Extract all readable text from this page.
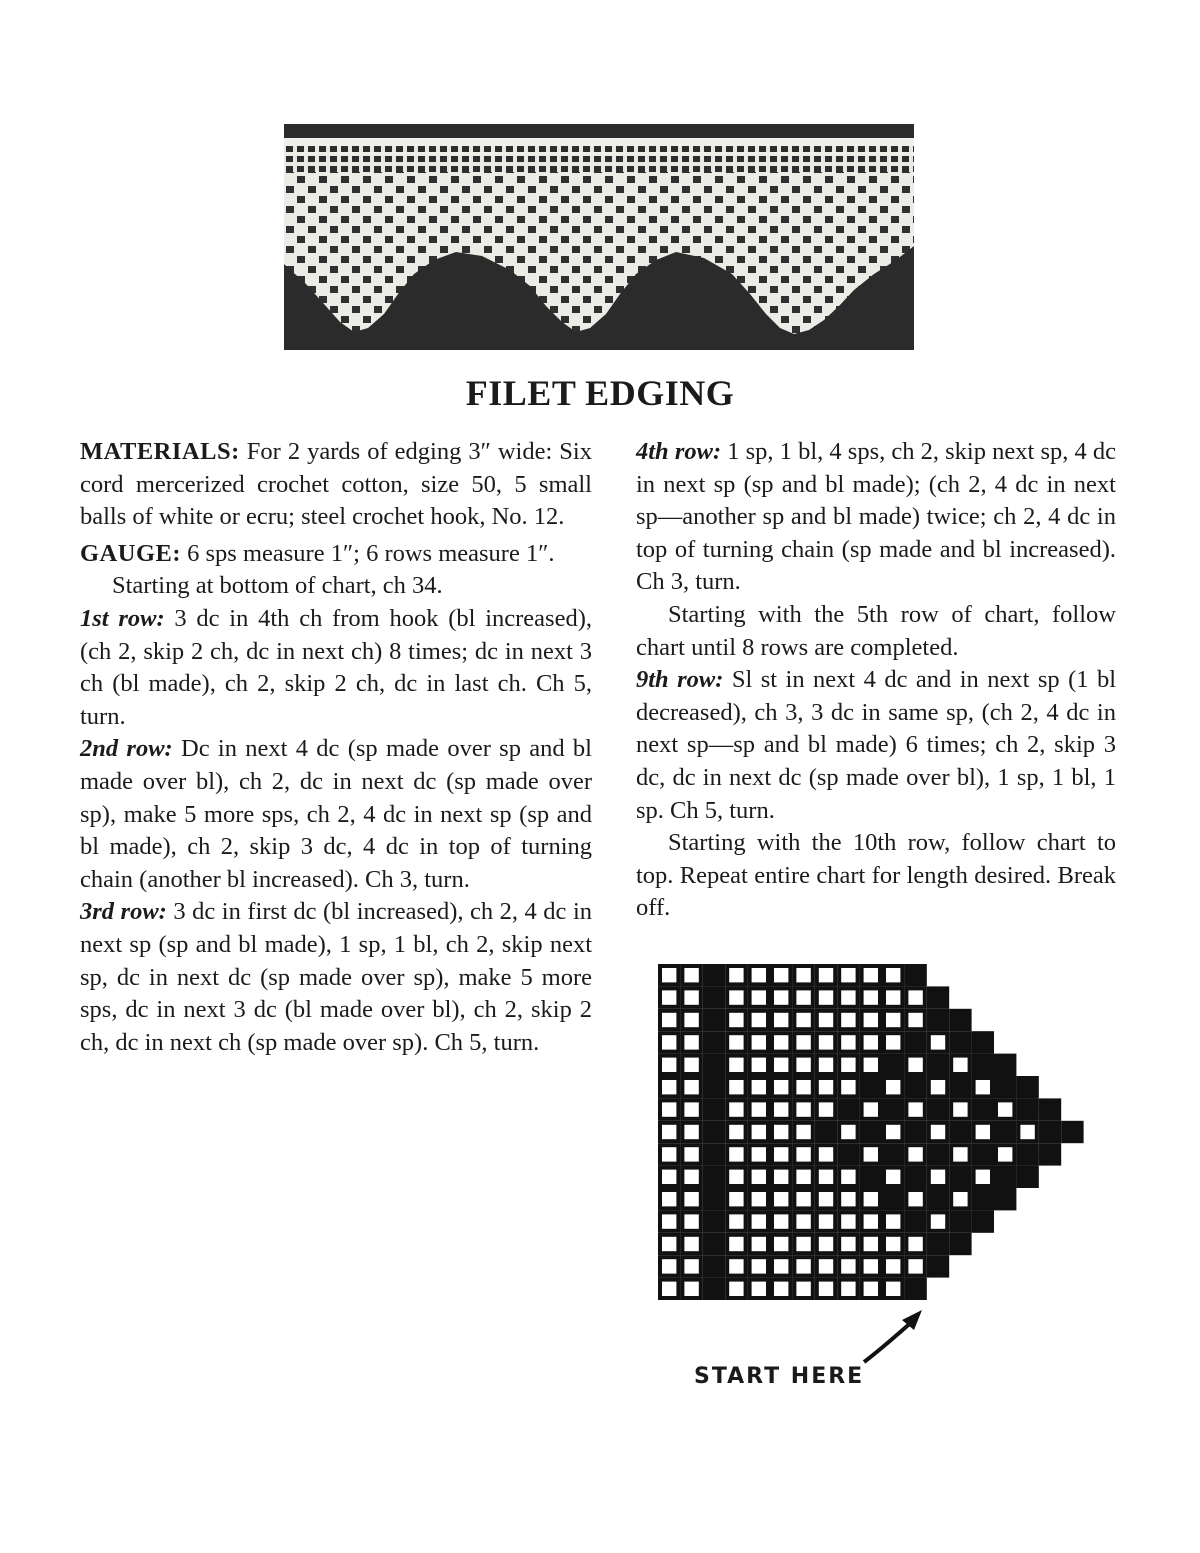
FILET EDGING

MATERIALS: For 2 yards of edging 3″ wide: Six cord mercerized crochet cotton, size 50, 5 small balls of white or ecru; steel crochet hook, No. 12.

GAUGE: 6 sps measure 1″; 6 rows measure 1″.

Starting at bottom of chart, ch 34.

1st row: 3 dc in 4th ch from hook (bl increased), (ch 2, skip 2 ch, dc in next ch) 8 times; dc in next 3 ch (bl made), ch 2, skip 2 ch, dc in last ch. Ch 5, turn.

2nd row: Dc in next 4 dc (sp made over sp and bl made over bl), ch 2, dc in next dc (sp made over sp), make 5 more sps, ch 2, 4 dc in next sp (sp and bl made), ch 2, skip 3 dc, 4 dc in top of turning chain (another bl increased). Ch 3, turn.

3rd row: 3 dc in first dc (bl increased), ch 2, 4 dc in next sp (sp and bl made), 1 sp, 1 bl, ch 2, skip next sp, dc in next dc (sp made over sp), make 5 more sps, dc in next 3 dc (bl made over bl), ch 2, skip 2 ch, dc in next ch (sp made over sp). Ch 5, turn.

4th row: 1 sp, 1 bl, 4 sps, ch 2, skip next sp, 4 dc in next sp (sp and bl made); (ch 2, 4 dc in next sp—another sp and bl made) twice; ch 2, 4 dc in top of turning chain (sp made and bl increased). Ch 3, turn.

Starting with the 5th row of chart, follow chart until 8 rows are completed.

9th row: Sl st in next 4 dc and in next sp (1 bl decreased), ch 3, 3 dc in same sp, (ch 2, 4 dc in next sp—sp and bl made) 6 times; ch 2, skip 3 dc, dc in next dc (sp made over bl), 1 sp, 1 bl, 1 sp. Ch 5, turn.

Starting with the 10th row, follow chart to top. Repeat entire chart for length desired. Break off.

START HERE
